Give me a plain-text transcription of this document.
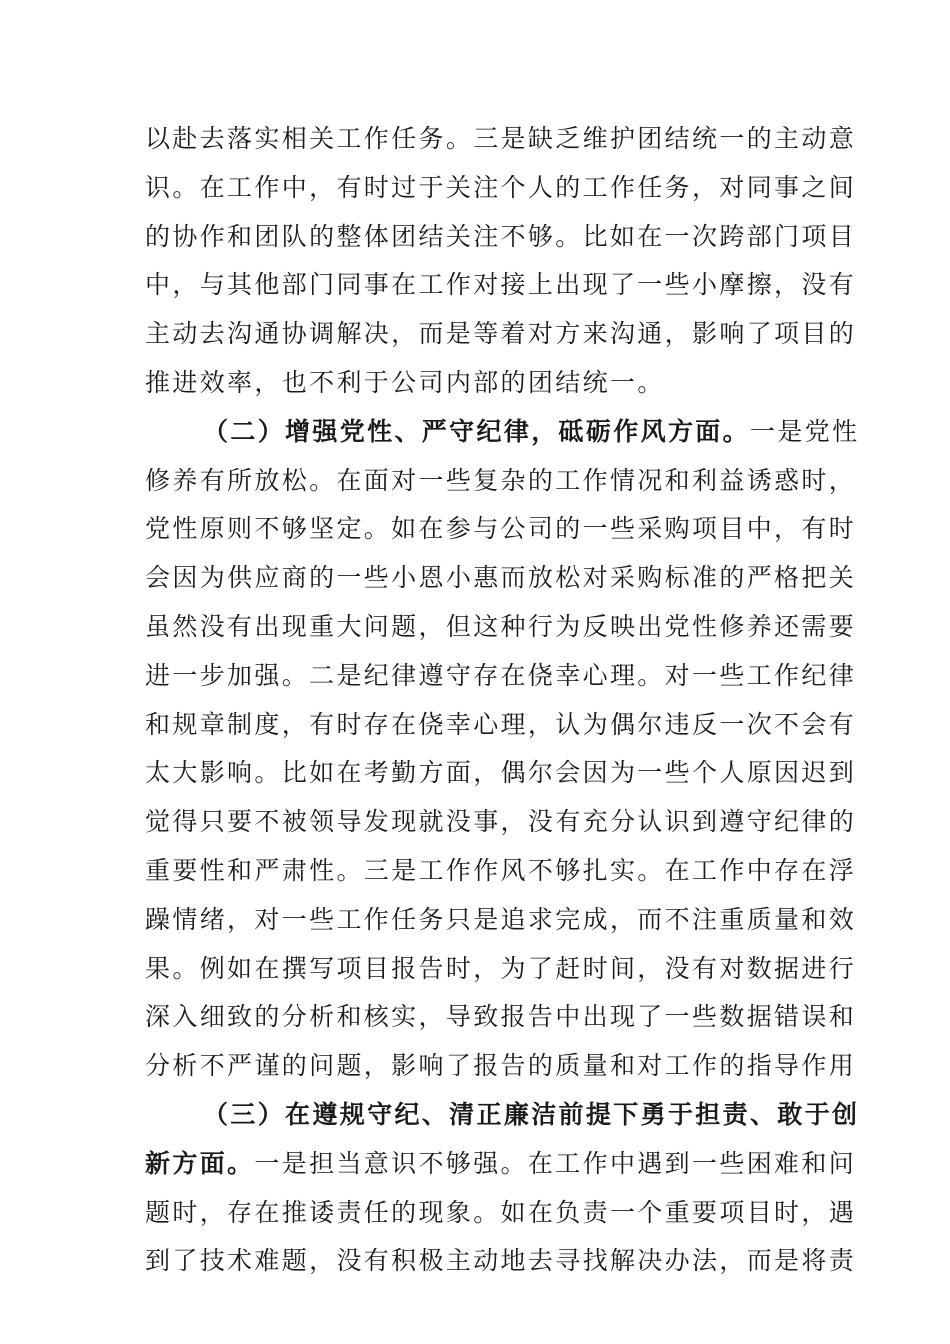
以赴去落实相关工作任务。三是缺乏维护团结统一的主动意
识。在工作中，有时过于关注个人的工作任务，对同事之间
的协作和团队的整体团结关注不够。比如在一次跨部门项目
中，与其他部门同事在工作对接上出现了一些小摩擦，没有
主动去沟通协调解决，而是等着对方来沟通，影响了项目的
推进效率，也不利于公司内部的团结统一。
（二）增强党性、严守纪律，砥砺作风方面。一是党性
修养有所放松。在面对一些复杂的工作情况和利益诱惑时，
党性原则不够坚定。如在参与公司的一些采购项目中，有时
会因为供应商的一些小恩小惠而放松对采购标准的严格把关
虽然没有出现重大问题，但这种行为反映出党性修养还需要
进一步加强。二是纪律遵守存在侥幸心理。对一些工作纪律
和规章制度，有时存在侥幸心理，认为偶尔违反一次不会有
太大影响。比如在考勤方面，偶尔会因为一些个人原因迟到
觉得只要不被领导发现就没事，没有充分认识到遵守纪律的
重要性和严肃性。三是工作作风不够扎实。在工作中存在浮
躁情绪，对一些工作任务只是追求完成，而不注重质量和效
果。例如在撰写项目报告时，为了赶时间，没有对数据进行
深入细致的分析和核实，导致报告中出现了一些数据错误和
分析不严谨的问题，影响了报告的质量和对工作的指导作用
（三）在遵规守纪、清正廉洁前提下勇于担责、敢于创
新方面。一是担当意识不够强。在工作中遇到一些困难和问
题时，存在推诿责任的现象。如在负责一个重要项目时，遇
到了技术难题，没有积极主动地去寻找解决办法，而是将责
